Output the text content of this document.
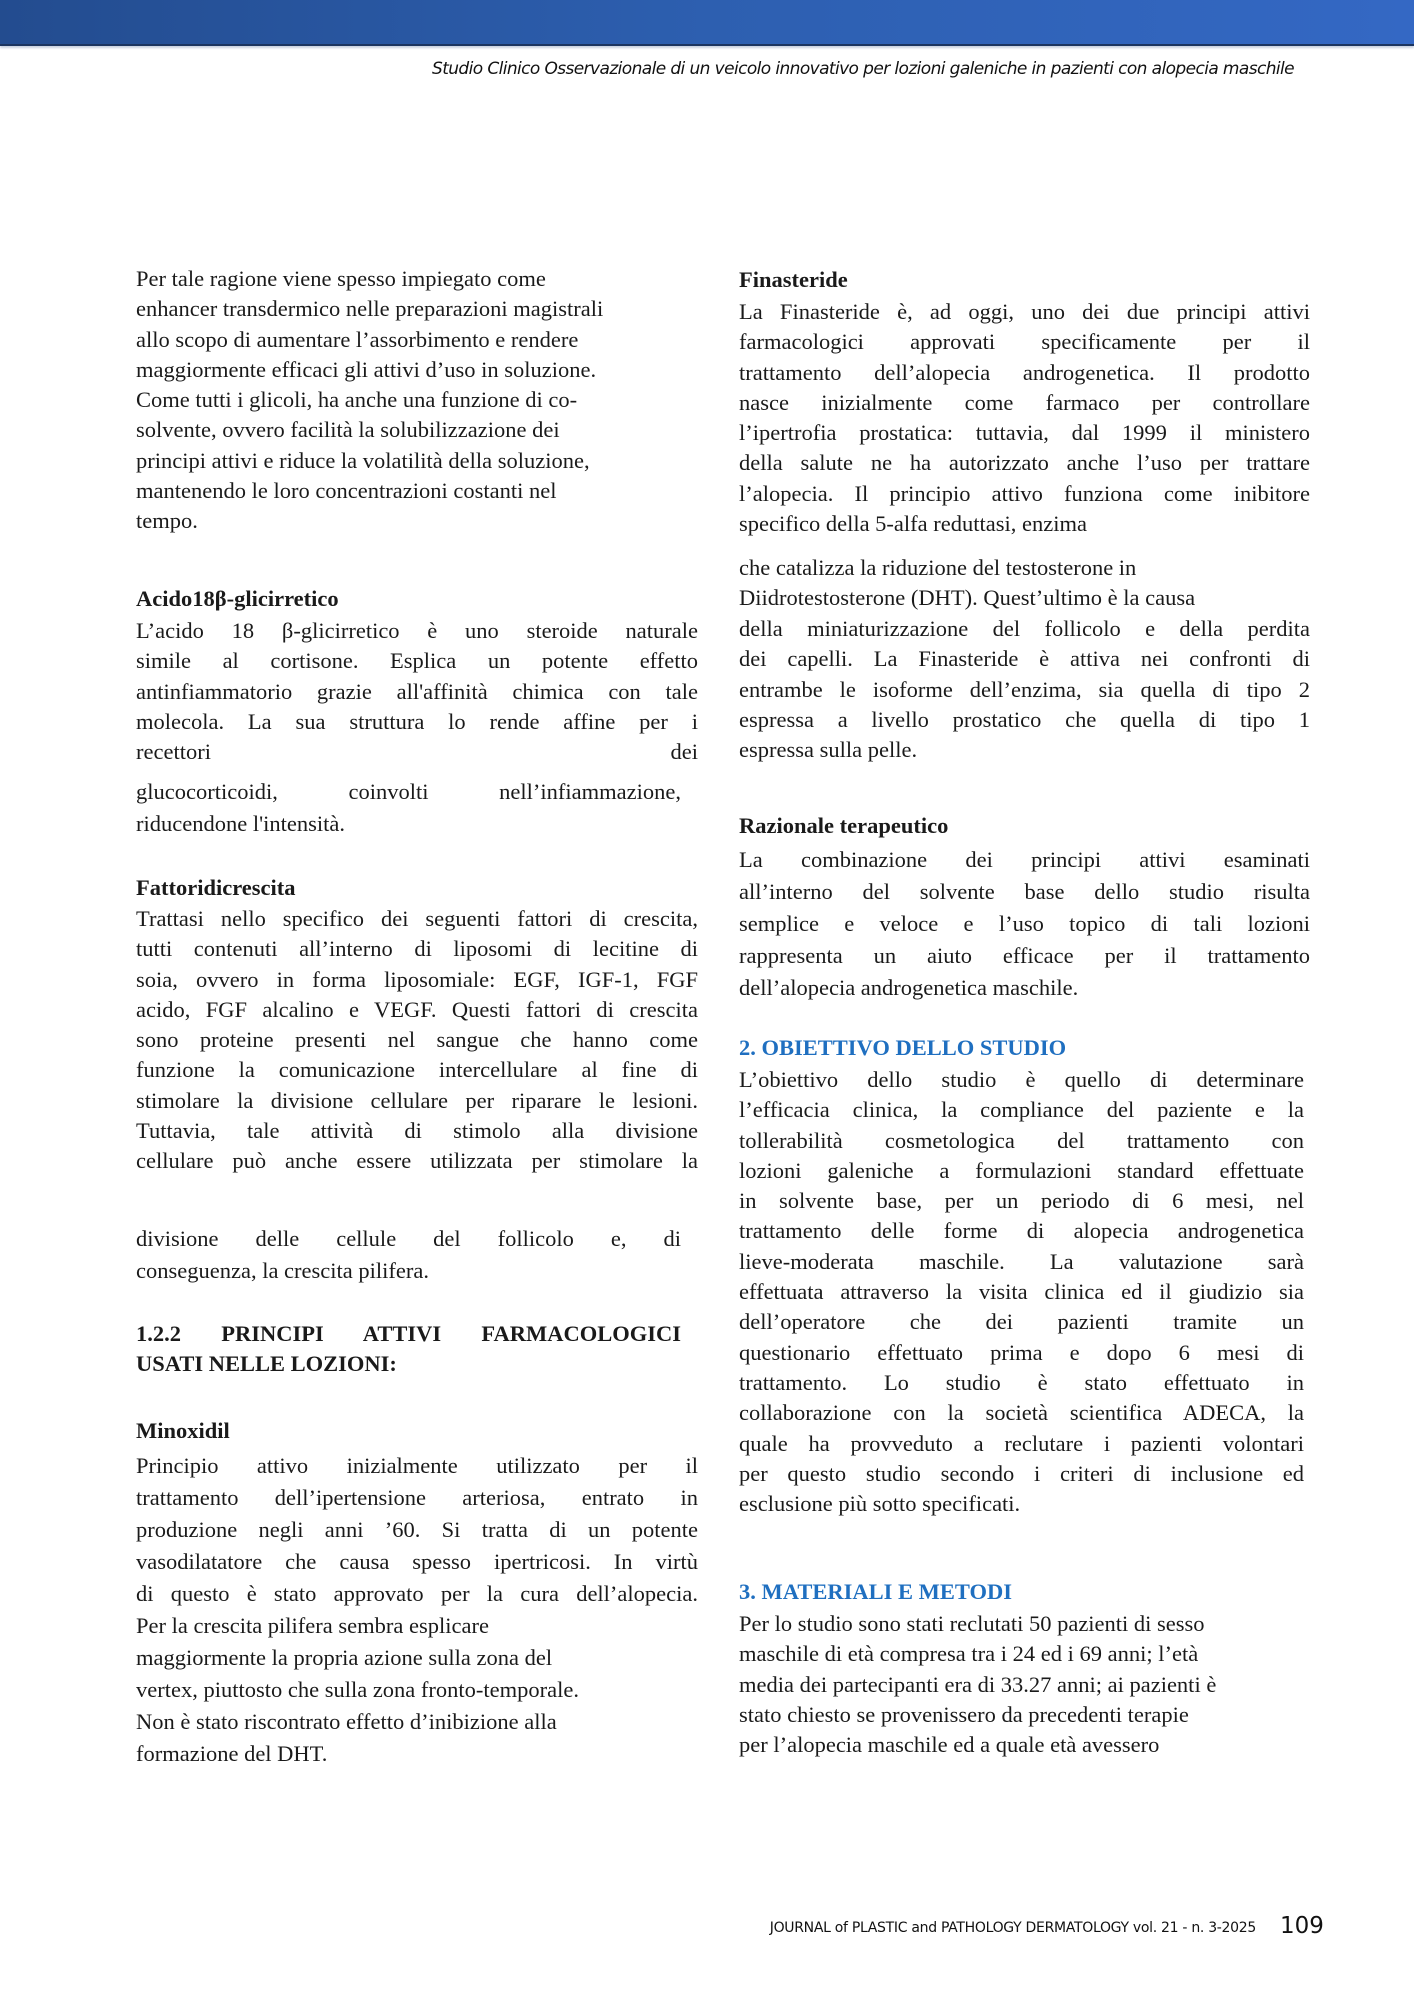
Studio Clinico Osservazionale di un veicolo innovativo per lozioni galeniche in pazienti con alopecia maschile
Per tale ragione viene spesso impiegato come
enhancer transdermico nelle preparazioni magistrali
allo scopo di aumentare l’assorbimento e rendere
maggiormente efficaci gli attivi d’uso in soluzione.
Come tutti i glicoli, ha anche una funzione di co-
solvente, ovvero facilità la solubilizzazione dei
principi attivi e riduce la volatilità della soluzione,
mantenendo le loro concentrazioni costanti nel
tempo.
Acido18β-glicirretico
L’acido 18 β-glicirretico è uno steroide naturale
simile al cortisone. Esplica un potente effetto
antinfiammatorio grazie all'affinità chimica con tale
molecola. La sua struttura lo rende affine per i
recettori dei
glucocorticoidi, coinvolti nell’infiammazione,
riducendone l'intensità.
Fattoridicrescita
Trattasi nello specifico dei seguenti fattori di crescita,
tutti contenuti all’interno di liposomi di lecitine di
soia, ovvero in forma liposomiale: EGF, IGF-1, FGF
acido, FGF alcalino e VEGF. Questi fattori di crescita
sono proteine presenti nel sangue che hanno come
funzione la comunicazione intercellulare al fine di
stimolare la divisione cellulare per riparare le lesioni.
Tuttavia, tale attività di stimolo alla divisione
cellulare può anche essere utilizzata per stimolare la
divisione delle cellule del follicolo e, di
conseguenza, la crescita pilifera.
1.2.2 PRINCIPI ATTIVI FARMACOLOGICI
USATI NELLE LOZIONI:
Minoxidil
Principio attivo inizialmente utilizzato per il
trattamento dell’ipertensione arteriosa, entrato in
produzione negli anni ’60. Si tratta di un potente
vasodilatatore che causa spesso ipertricosi. In virtù
di questo è stato approvato per la cura dell’alopecia.
Per la crescita pilifera sembra esplicare
maggiormente la propria azione sulla zona del
vertex, piuttosto che sulla zona fronto-temporale.
Non è stato riscontrato effetto d’inibizione alla
formazione del DHT.
Finasteride
La Finasteride è, ad oggi, uno dei due principi attivi
farmacologici approvati specificamente per il
trattamento dell’alopecia androgenetica. Il prodotto
nasce inizialmente come farmaco per controllare
l’ipertrofia prostatica: tuttavia, dal 1999 il ministero
della salute ne ha autorizzato anche l’uso per trattare
l’alopecia. Il principio attivo funziona come inibitore
specifico della 5-alfa reduttasi, enzima
che catalizza la riduzione del testosterone in
Diidrotestosterone (DHT). Quest’ultimo è la causa
della miniaturizzazione del follicolo e della perdita
dei capelli. La Finasteride è attiva nei confronti di
entrambe le isoforme dell’enzima, sia quella di tipo 2
espressa a livello prostatico che quella di tipo 1
espressa sulla pelle.
Razionale terapeutico
La combinazione dei principi attivi esaminati
all’interno del solvente base dello studio risulta
semplice e veloce e l’uso topico di tali lozioni
rappresenta un aiuto efficace per il trattamento
dell’alopecia androgenetica maschile.
2. OBIETTIVO DELLO STUDIO
L’obiettivo dello studio è quello di determinare
l’efficacia clinica, la compliance del paziente e la
tollerabilità cosmetologica del trattamento con
lozioni galeniche a formulazioni standard effettuate
in solvente base, per un periodo di 6 mesi, nel
trattamento delle forme di alopecia androgenetica
lieve-moderata maschile. La valutazione sarà
effettuata attraverso la visita clinica ed il giudizio sia
dell’operatore che dei pazienti tramite un
questionario effettuato prima e dopo 6 mesi di
trattamento. Lo studio è stato effettuato in
collaborazione con la società scientifica ADECA, la
quale ha provveduto a reclutare i pazienti volontari
per questo studio secondo i criteri di inclusione ed
esclusione più sotto specificati.
3. MATERIALI E METODI
Per lo studio sono stati reclutati 50 pazienti di sesso
maschile di età compresa tra i 24 ed i 69 anni; l’età
media dei partecipanti era di 33.27 anni; ai pazienti è
stato chiesto se provenissero da precedenti terapie
per l’alopecia maschile ed a quale età avessero
JOURNAL of PLASTIC and PATHOLOGY DERMATOLOGY vol. 21 - n. 3-2025 109
